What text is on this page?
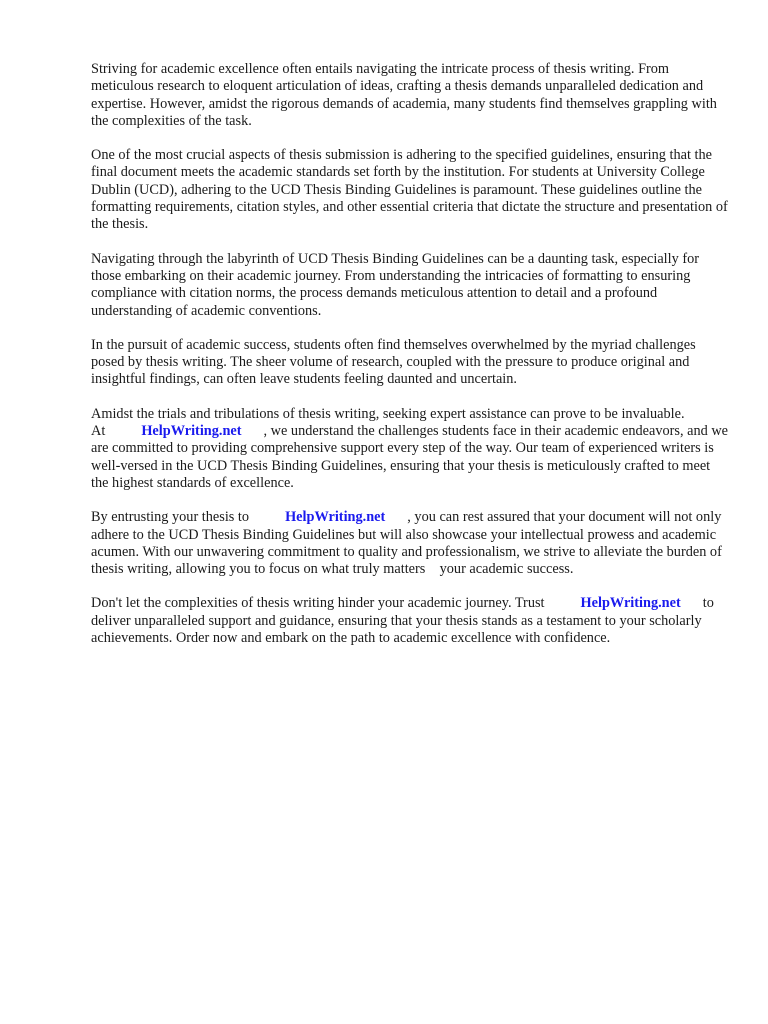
Striving for academic excellence often entails navigating the intricate process of thesis writing. From meticulous research to eloquent articulation of ideas, crafting a thesis demands unparalleled dedication and expertise. However, amidst the rigorous demands of academia, many students find themselves grappling with the complexities of the task.

One of the most crucial aspects of thesis submission is adhering to the specified guidelines, ensuring that the final document meets the academic standards set forth by the institution. For students at University College Dublin (UCD), adhering to the UCD Thesis Binding Guidelines is paramount. These guidelines outline the formatting requirements, citation styles, and other essential criteria that dictate the structure and presentation of the thesis.

Navigating through the labyrinth of UCD Thesis Binding Guidelines can be a daunting task, especially for those embarking on their academic journey. From understanding the intricacies of formatting to ensuring compliance with citation norms, the process demands meticulous attention to detail and a profound understanding of academic conventions.

In the pursuit of academic success, students often find themselves overwhelmed by the myriad challenges posed by thesis writing. The sheer volume of research, coupled with the pressure to produce original and insightful findings, can often leave students feeling daunted and uncertain.

Amidst the trials and tribulations of thesis writing, seeking expert assistance can prove to be invaluable. At	HelpWriting.net , we understand the challenges students face in their academic endeavors, and we are committed to providing comprehensive support every step of the way. Our team of experienced writers is well-versed in the UCD Thesis Binding Guidelines, ensuring that your thesis is meticulously crafted to meet the highest standards of excellence.

By entrusting your thesis to	HelpWriting.net , you can rest assured that your document will not only adhere to the UCD Thesis Binding Guidelines but will also showcase your intellectual prowess and academic acumen. With our unwavering commitment to quality and professionalism, we strive to alleviate the burden of thesis writing, allowing you to focus on what truly matters    your academic success.

Don't let the complexities of thesis writing hinder your academic journey. Trust	HelpWriting.net to deliver unparalleled support and guidance, ensuring that your thesis stands as a testament to your scholarly achievements. Order now and embark on the path to academic excellence with confidence.
